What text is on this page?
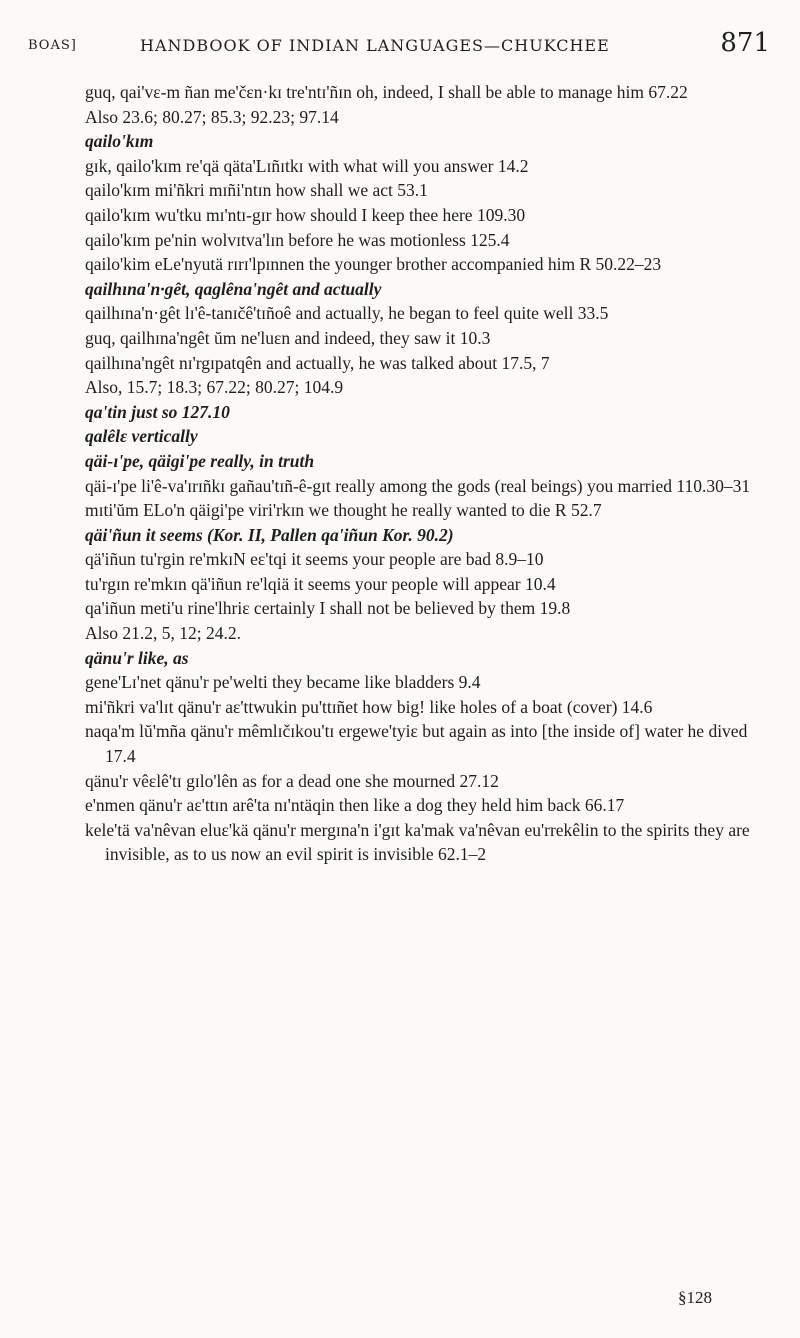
BOAS]	HANDBOOK OF INDIAN LANGUAGES—CHUKCHEE	871

guq, qai'vɛ-m ñan me'čɛn·kɪ tre'ntɪ'ñɪn oh, indeed, I shall be able to manage him 67.22

Also 23.6; 80.27; 85.3; 92.23; 97.14

qailo'kɪm

gɪk, qailo'kɪm re'qä qäta'Lɪñɪtkɪ with what will you answer 14.2

qailo'kɪm mi'ñkri mɪñi'ntɪn how shall we act 53.1

qailo'kɪm wu'tku mɪ'ntɪ-gɪr how should I keep thee here 109.30

qailo'kɪm pe'nin wolvɪtva'lɪn before he was motionless 125.4

qailo'kim eLe'nyutä rɪrɪ'lpɪnnen the younger brother accompanied him R 50.22–23

qailhɪna'n·gêt, qaglêna'ngêt and actually

qailhɪna'n·gêt lɪ'ê-tanɪčê'tɪñoê and actually, he began to feel quite well 33.5

guq, qailhɪna'ngêt ŭm ne'luɛn and indeed, they saw it 10.3

qailhɪna'ngêt nɪ'rgɪpatqên and actually, he was talked about 17.5, 7

Also, 15.7; 18.3; 67.22; 80.27; 104.9

qa'tin just so 127.10

qalêlɛ vertically

qäi-ɪ'pe, qäigi'pe really, in truth

qäi-ɪ'pe li'ê-va'ɪrɪñkɪ gañau'tɪñ-ê-gɪt really among the gods (real beings) you married 110.30–31

mɪti'ŭm ELo'n qäigi'pe viri'rkɪn we thought he really wanted to die R 52.7

qäi'ñun it seems (Kor. II, Pallen qa'iñun Kor. 90.2)

qä'iñun tu'rgin re'mkɪN eɛ'tqi it seems your people are bad 8.9–10

tu'rgɪn re'mkɪn qä'iñun re'lqiä it seems your people will appear 10.4

qa'iñun meti'u rine'lhriɛ certainly I shall not be believed by them 19.8

Also 21.2, 5, 12; 24.2.

qänu'r like, as

gene'Lɪ'net qänu'r pe'welti they became like bladders 9.4

mi'ñkri va'lɪt qänu'r aɛ'ttwukin pu'ttɪñet how big! like holes of a boat (cover) 14.6

naqa'm lŭ'mña qänu'r mêmlɪčɪkou'tɪ ergewe'tyiɛ but again as into [the inside of] water he dived 17.4

qänu'r vêɛlê'tɪ gɪlo'lên as for a dead one she mourned 27.12

e'nmen qänu'r aɛ'ttɪn arê'ta nɪ'ntäqin then like a dog they held him back 66.17

kele'tä va'nêvan eluɛ'kä qänu'r mergɪna'n i'gɪt ka'mak va'nêvan eu'rrekêlin to the spirits they are invisible, as to us now an evil spirit is invisible 62.1–2

§128
